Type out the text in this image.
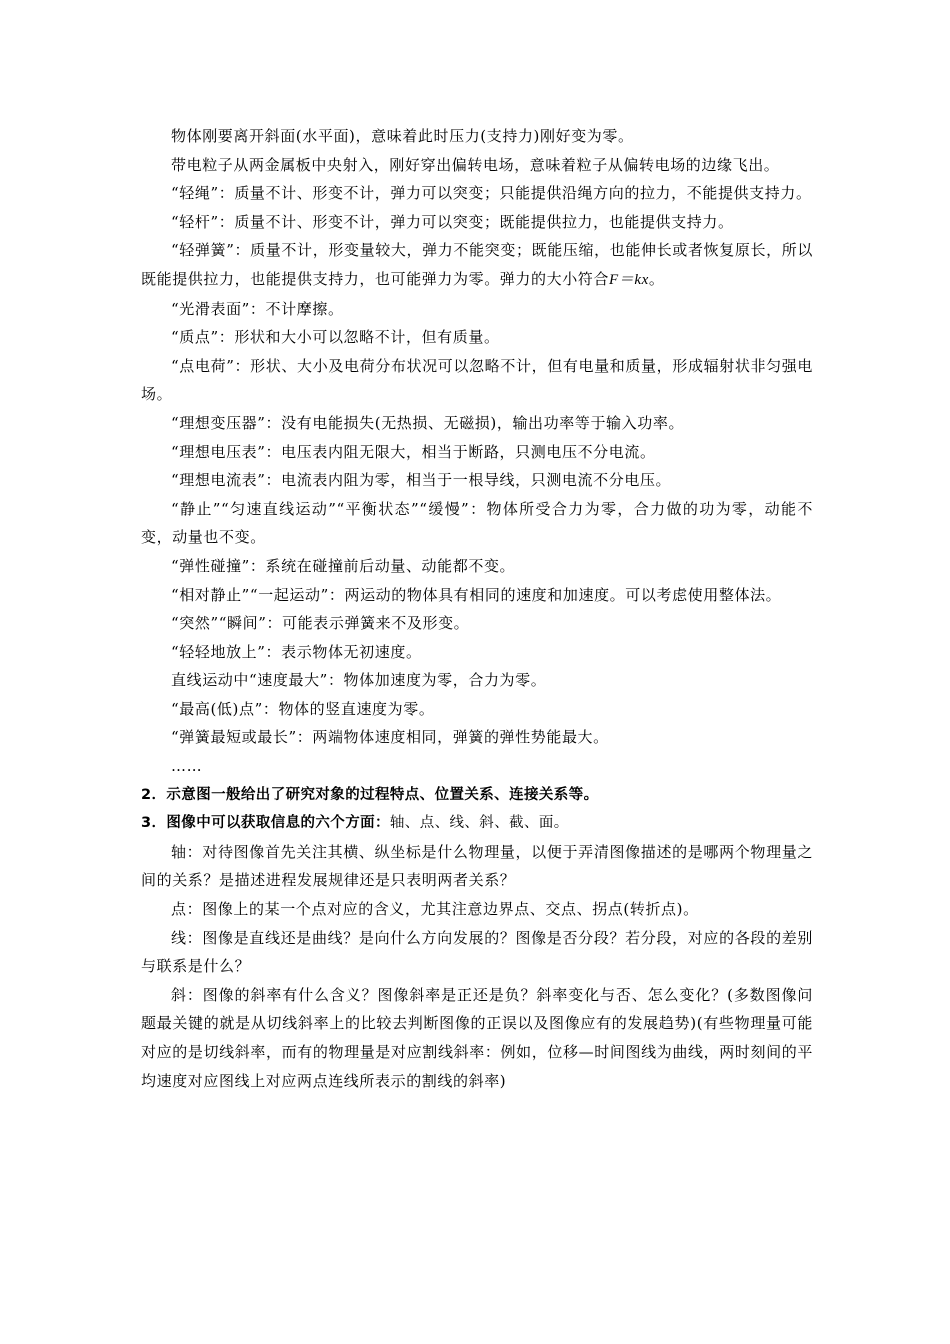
物体刚要离开斜面(水平面)，意味着此时压力(支持力)刚好变为零。

带电粒子从两金属板中央射入，刚好穿出偏转电场，意味着粒子从偏转电场的边缘飞出。

“轻绳”：质量不计、形变不计，弹力可以突变；只能提供沿绳方向的拉力，不能提供支持力。

“轻杆”：质量不计、形变不计，弹力可以突变；既能提供拉力，也能提供支持力。

“轻弹簧”：质量不计，形变量较大，弹力不能突变；既能压缩，也能伸长或者恢复原长，所以既能提供拉力，也能提供支持力，也可能弹力为零。弹力的大小符合F＝kx。

“光滑表面”：不计摩擦。

“质点”：形状和大小可以忽略不计，但有质量。

“点电荷”：形状、大小及电荷分布状况可以忽略不计，但有电量和质量，形成辐射状非匀强电场。

“理想变压器”：没有电能损失(无热损、无磁损)，输出功率等于输入功率。

“理想电压表”：电压表内阻无限大，相当于断路，只测电压不分电流。

“理想电流表”：电流表内阻为零，相当于一根导线，只测电流不分电压。

“静止”“匀速直线运动”“平衡状态”“缓慢”：物体所受合力为零，合力做的功为零，动能不变，动量也不变。

“弹性碰撞”：系统在碰撞前后动量、动能都不变。

“相对静止”“一起运动”：两运动的物体具有相同的速度和加速度。可以考虑使用整体法。

“突然”“瞬间”：可能表示弹簧来不及形变。

“轻轻地放上”：表示物体无初速度。

直线运动中“速度最大”：物体加速度为零，合力为零。

“最高(低)点”：物体的竖直速度为零。

“弹簧最短或最长”：两端物体速度相同，弹簧的弹性势能最大。

……

2．示意图一般给出了研究对象的过程特点、位置关系、连接关系等。

3．图像中可以获取信息的六个方面：轴、点、线、斜、截、面。

轴：对待图像首先关注其横、纵坐标是什么物理量，以便于弄清图像描述的是哪两个物理量之间的关系？是描述进程发展规律还是只表明两者关系？

点：图像上的某一个点对应的含义，尤其注意边界点、交点、拐点(转折点)。

线：图像是直线还是曲线？是向什么方向发展的？图像是否分段？若分段，对应的各段的差别与联系是什么？

斜：图像的斜率有什么含义？图像斜率是正还是负？斜率变化与否、怎么变化？(多数图像问题最关键的就是从切线斜率上的比较去判断图像的正误以及图像应有的发展趋势)(有些物理量可能对应的是切线斜率，而有的物理量是对应割线斜率：例如，位移—时间图线为曲线，两时刻间的平均速度对应图线上对应两点连线所表示的割线的斜率)
